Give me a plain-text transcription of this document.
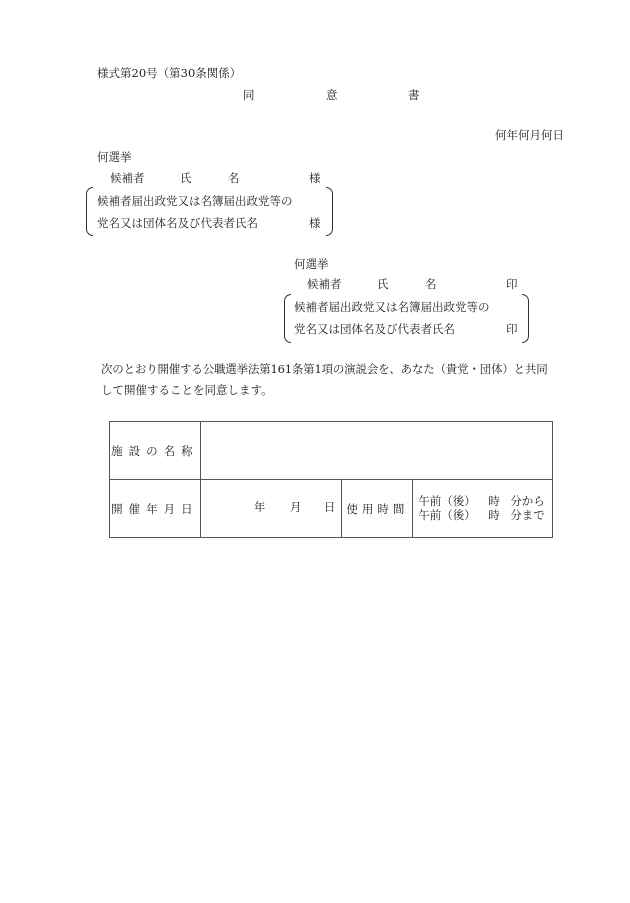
様式第20号（第30条関係）
同	意	書
何年何月何日
何選挙
候補者	氏	名	様
候補者届出政党又は名簿届出政党等の
党名又は団体名及び代表者氏名	様
何選挙
候補者	氏	名	印
候補者届出政党又は名簿届出政党等の
党名又は団体名及び代表者氏名	印
次のとおり開催する公職選挙法第161条第1項の演説会を、あなた（貴党・団体）と共同
して開催することを同意します。
施設の名称			
開催年月日	年 月 日	使用時間	
午前（後） 時 分から
午前（後） 時 分まで
